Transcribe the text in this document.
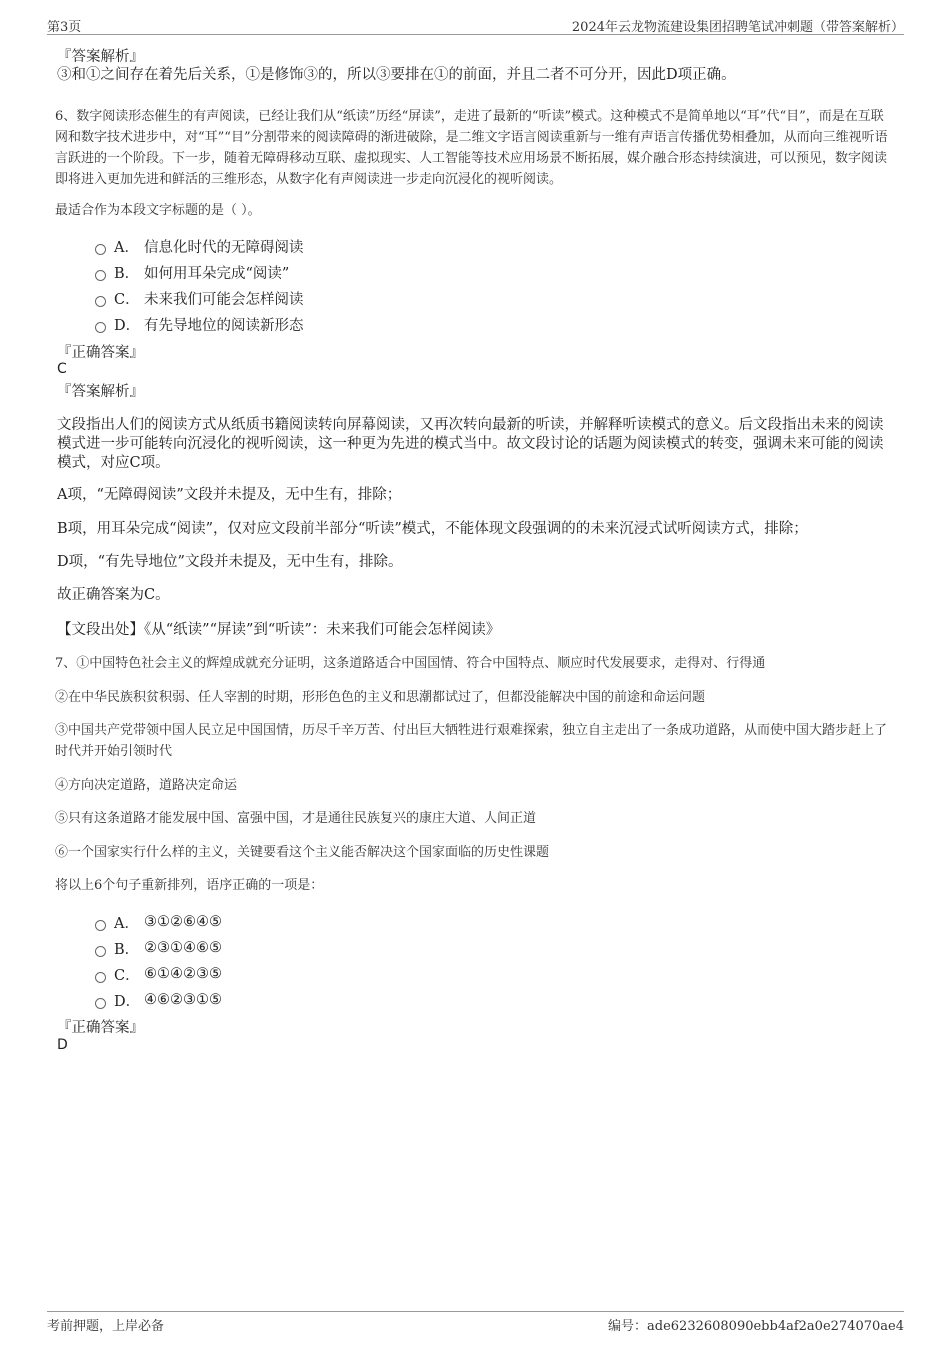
第3页	2024年云龙物流建设集团招聘笔试冲刺题（带答案解析）
『答案解析』
③和①之间存在着先后关系，①是修饰③的，所以③要排在①的前面，并且二者不可分开，因此D项正确。
6、数字阅读形态催生的有声阅读，已经让我们从“纸读”历经“屏读”，走进了最新的“听读”模式。这种模式不是简单地以“耳”代“目”，而是在互联网和数字技术进步中，对“耳”“目”分割带来的阅读障碍的渐进破除，是二维文字语言阅读重新与一维有声语言传播优势相叠加，从而向三维视听语言跃进的一个阶段。下一步，随着无障碍移动互联、虚拟现实、人工智能等技术应用场景不断拓展，媒介融合形态持续演进，可以预见，数字阅读即将进入更加先进和鲜活的三维形态，从数字化有声阅读进一步走向沉浸化的视听阅读。
最适合作为本段文字标题的是（ ）。
A． 信息化时代的无障碍阅读
B． 如何用耳朵完成“阅读”
C． 未来我们可能会怎样阅读
D． 有先导地位的阅读新形态
『正确答案』
C
『答案解析』
文段指出人们的阅读方式从纸质书籍阅读转向屏幕阅读，又再次转向最新的听读，并解释听读模式的意义。后文段指出未来的阅读模式进一步可能转向沉浸化的视听阅读，这一种更为先进的模式当中。故文段讨论的话题为阅读模式的转变，强调未来可能的阅读模式，对应C项。
A项，“无障碍阅读”文段并未提及，无中生有，排除；
B项，用耳朵完成“阅读”，仅对应文段前半部分“听读”模式，不能体现文段强调的的未来沉浸式试听阅读方式，排除；
D项，“有先导地位”文段并未提及，无中生有，排除。
故正确答案为C。
【文段出处】《从“纸读”“屏读”到“听读”：未来我们可能会怎样阅读》
7、①中国特色社会主义的辉煌成就充分证明，这条道路适合中国国情、符合中国特点、顺应时代发展要求，走得对、行得通
②在中华民族积贫积弱、任人宰割的时期，形形色色的主义和思潮都试过了，但都没能解决中国的前途和命运问题
③中国共产党带领中国人民立足中国国情，历尽千辛万苦、付出巨大牺牲进行艰难探索，独立自主走出了一条成功道路，从而使中国大踏步赶上了时代并开始引领时代
④方向决定道路，道路决定命运
⑤只有这条道路才能发展中国、富强中国，才是通往民族复兴的康庄大道、人间正道
⑥一个国家实行什么样的主义，关键要看这个主义能否解决这个国家面临的历史性课题
将以上6个句子重新排列，语序正确的一项是：
A． ③①②⑥④⑤
B． ②③①④⑥⑤
C． ⑥①④②③⑤
D． ④⑥②③①⑤
『正确答案』
D
考前押题，上岸必备	编号：ade6232608090ebb4af2a0e274070ae4
